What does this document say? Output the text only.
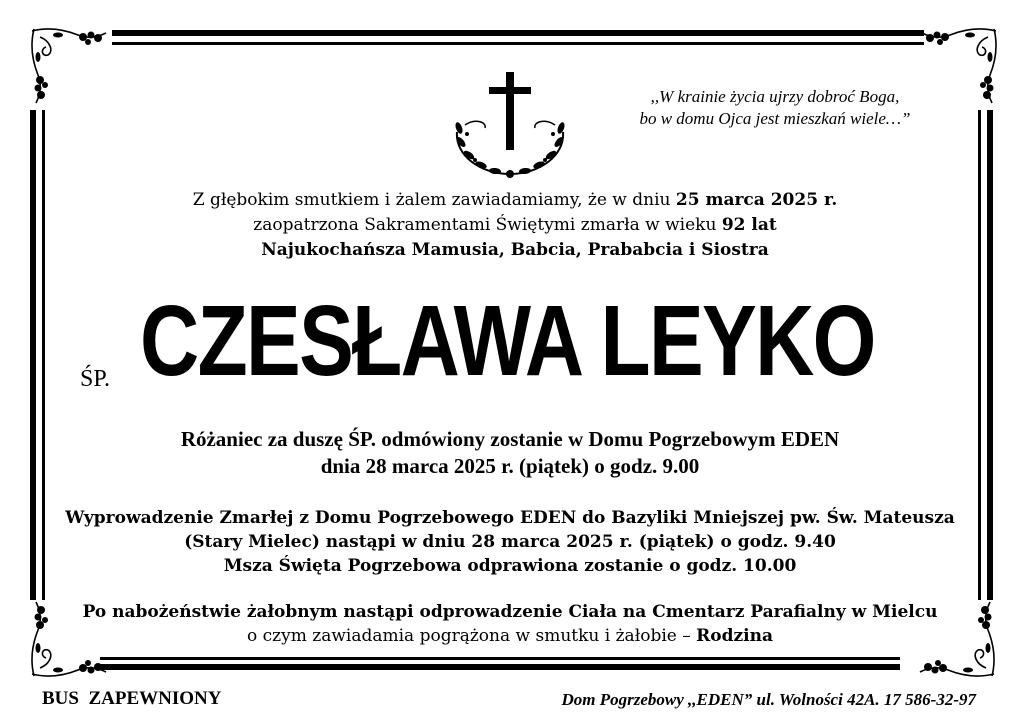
,,W krainie życia ujrzy dobroć Boga,
bo w domu Ojca jest mieszkań wiele…”
Z głębokim smutkiem i żalem zawiadamiamy, że w dniu 25 marca 2025 r.
zaopatrzona Sakramentami Świętymi zmarła w wieku 92 lat
Najukochańsza Mamusia, Babcia, Prababcia i Siostra
ŚP. CZESŁAWA LEYKO
Różaniec za duszę ŚP. odmówiony zostanie w Domu Pogrzebowym EDEN
dnia 28 marca 2025 r. (piątek) o godz. 9.00
Wyprowadzenie Zmarłej z Domu Pogrzebowego EDEN do Bazyliki Mniejszej pw. Św. Mateusza
(Stary Mielec) nastąpi w dniu 28 marca 2025 r. (piątek) o godz. 9.40
Msza Święta Pogrzebowa odprawiona zostanie o godz. 10.00
Po nabożeństwie żałobnym nastąpi odprowadzenie Ciała na Cmentarz Parafialny w Mielcu
o czym zawiadamia pogrążona w smutku i żałobie – Rodzina
BUS  ZAPEWNIONY	Dom Pogrzebowy ,,EDEN” ul. Wolności 42A. 17 586-32-97
